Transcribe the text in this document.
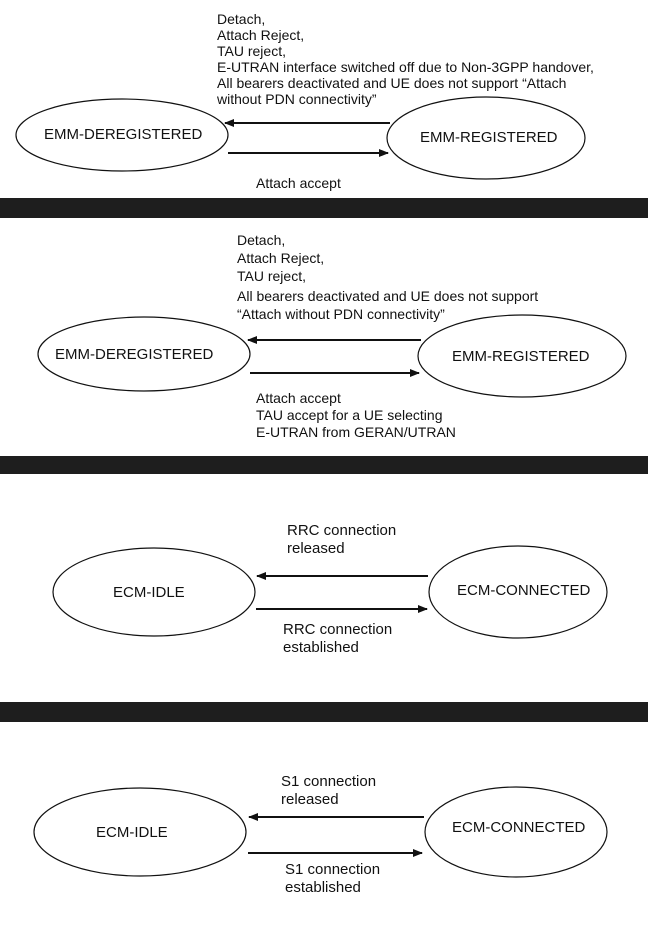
EMM-DEREGISTERED	EMM-REGISTERED
Detach,
Attach Reject,
TAU reject,
E-UTRAN interface switched off due to Non-3GPP handover,
All bearers deactivated and UE does not support “Attach
without PDN connectivity”
Attach accept
EMM-DEREGISTERED	EMM-REGISTERED
Detach,
Attach Reject,
TAU reject,
All bearers deactivated and UE does not support
“Attach without PDN connectivity”
Attach accept
TAU accept for a UE selecting
E-UTRAN from GERAN/UTRAN
ECM-IDLE	ECM-CONNECTED
RRC connection
released
RRC connection
established
ECM-IDLE	ECM-CONNECTED
S1 connection
released
S1 connection
established
